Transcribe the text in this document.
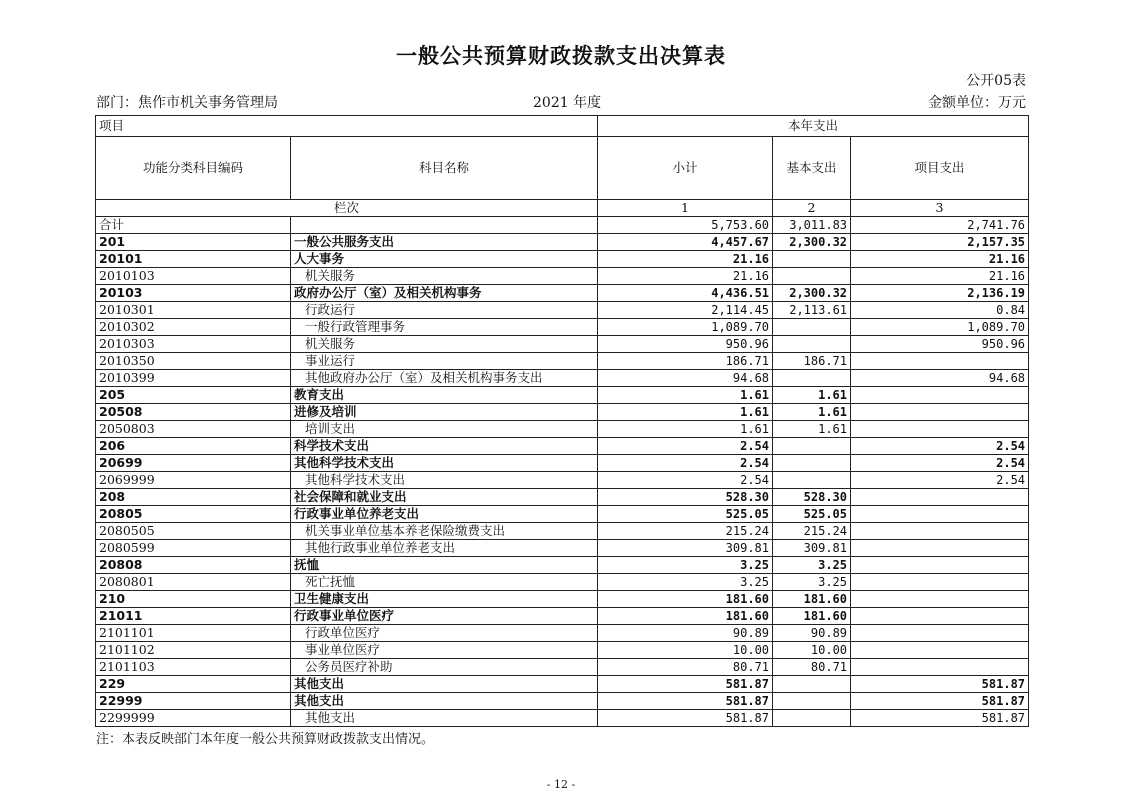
一般公共预算财政拨款支出决算表
公开05表
部门：焦作市机关事务管理局	2021 年度	金额单位：万元
项目		本年支出		
功能分类科目编码	科目名称	小计	基本支出	项目支出
栏次		1	2	3
合计		5,753.60	3,011.83	2,741.76
201	一般公共服务支出	4,457.67	2,300.32	2,157.35
20101	人大事务	21.16		21.16
2010103	机关服务	21.16		21.16
20103	政府办公厅（室）及相关机构事务	4,436.51	2,300.32	2,136.19
2010301	行政运行	2,114.45	2,113.61	0.84
2010302	一般行政管理事务	1,089.70		1,089.70
2010303	机关服务	950.96		950.96
2010350	事业运行	186.71	186.71	
2010399	其他政府办公厅（室）及相关机构事务支出	94.68		94.68
205	教育支出	1.61	1.61	
20508	进修及培训	1.61	1.61	
2050803	培训支出	1.61	1.61	
206	科学技术支出	2.54		2.54
20699	其他科学技术支出	2.54		2.54
2069999	其他科学技术支出	2.54		2.54
208	社会保障和就业支出	528.30	528.30	
20805	行政事业单位养老支出	525.05	525.05	
2080505	机关事业单位基本养老保险缴费支出	215.24	215.24	
2080599	其他行政事业单位养老支出	309.81	309.81	
20808	抚恤	3.25	3.25	
2080801	死亡抚恤	3.25	3.25	
210	卫生健康支出	181.60	181.60	
21011	行政事业单位医疗	181.60	181.60	
2101101	行政单位医疗	90.89	90.89	
2101102	事业单位医疗	10.00	10.00	
2101103	公务员医疗补助	80.71	80.71	
229	其他支出	581.87		581.87
22999	其他支出	581.87		581.87
2299999	其他支出	581.87		581.87
注：本表反映部门本年度一般公共预算财政拨款支出情况。
- 12 -
